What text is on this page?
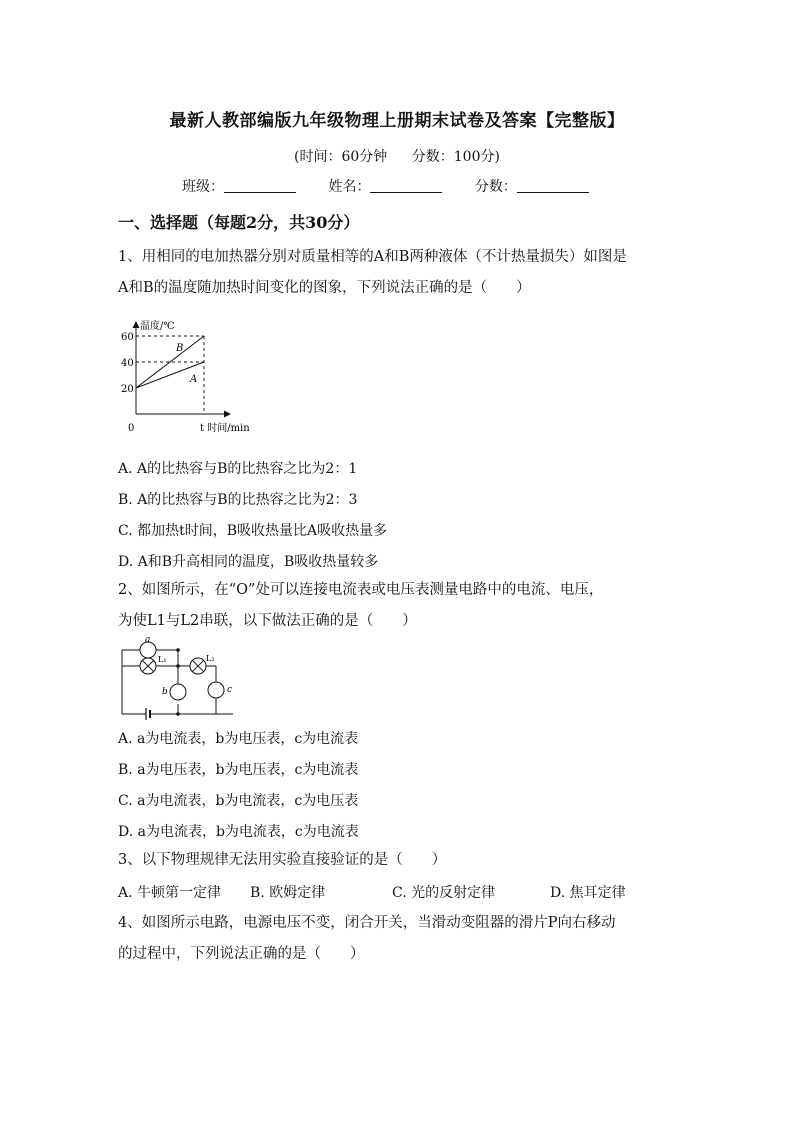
最新人教部编版九年级物理上册期末试卷及答案【完整版】
(时间：60分钟 分数：100分)
班级：	姓名：	分数：
一、选择题（每题2分，共30分）
1、用相同的电加热器分别对质量相等的A和B两种液体（不计热量损失）如图是
A和B的温度随加热时间变化的图象，下列说法正确的是（　　）
温度/℃
60
40
20
0	t 时间/min
B
A
A. A的比热容与B的比热容之比为2：1
B. A的比热容与B的比热容之比为2：3
C. 都加热t时间，B吸收热量比A吸收热量多
D. A和B升高相同的温度，B吸收热量较多
2、如图所示，在“O”处可以连接电流表或电压表测量电路中的电流、电压，
为使L1与L2串联，以下做法正确的是（　　）
a
L₁	L₂
b	c
A. a为电流表，b为电压表，c为电流表
B. a为电压表，b为电压表，c为电流表
C. a为电流表，b为电流表，c为电压表
D. a为电流表，b为电流表，c为电流表
3、以下物理规律无法用实验直接验证的是（　　）
A. 牛顿第一定律 B. 欧姆定律	C. 光的反射定律	D. 焦耳定律
4、如图所示电路，电源电压不变，闭合开关，当滑动变阻器的滑片P向右移动
的过程中，下列说法正确的是（　　）
